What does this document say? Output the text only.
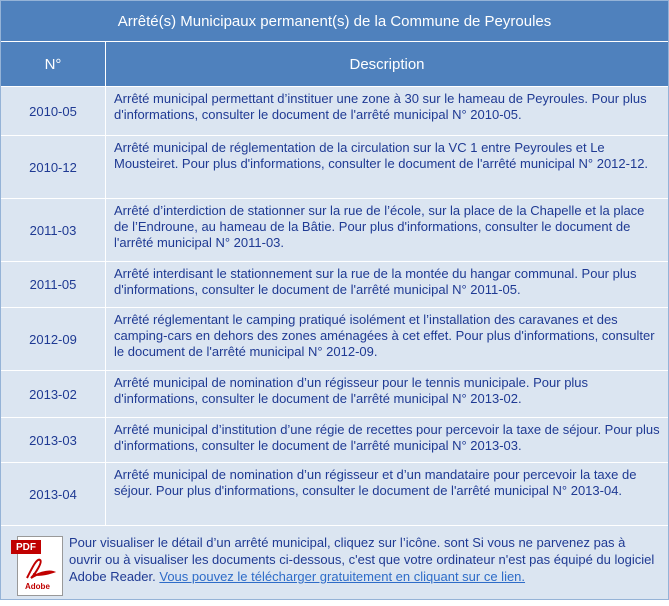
Arrêté(s) Municipaux permanent(s) de la Commune de Peyroules
N°	Description
2010-05
Arrêté municipal permettant d’instituer une zone à 30 sur le hameau de Peyroules. Pour plus d'informations, consulter le document de l'arrêté municipal N° 2010-05.
2010-12
Arrêté municipal de réglementation de la circulation sur la VC 1 entre Peyroules et Le Mousteiret. Pour plus d'informations, consulter le document de l'arrêté municipal N° 2012-12.
2011-03
Arrêté d’interdiction de stationner sur la rue de l’école, sur la place de la Chapelle et la place de l’Endroune, au hameau de la Bâtie. Pour plus d'informations, consulter le document de l'arrêté municipal N° 2011-03.
2011-05
Arrêté interdisant le stationnement sur la rue de la montée du hangar communal. Pour plus d'informations, consulter le document de l'arrêté municipal N° 2011-05.
2012-09
Arrêté réglementant le camping pratiqué isolément et l’installation des caravanes et des camping-cars en dehors des zones aménagées à cet effet. Pour plus d'informations, consulter le document de l'arrêté municipal N° 2012-09.
2013-02
Arrêté municipal de nomination d’un régisseur pour le tennis municipale. Pour plus d'informations, consulter le document de l'arrêté municipal N° 2013-02.
2013-03
Arrêté municipal d’institution d’une régie de recettes pour percevoir la taxe de séjour. Pour plus d'informations, consulter le document de l'arrêté municipal N° 2013-03.
2013-04
Arrêté municipal de nomination d’un régisseur et d’un mandataire pour percevoir la taxe de séjour. Pour plus d'informations, consulter le document de l'arrêté municipal N° 2013-04.
PDF
Adobe
Pour visualiser le détail d’un arrêté municipal, cliquez sur l’icône. sont Si vous ne parvenez pas à ouvrir ou à visualiser les documents ci-dessous, c'est que votre ordinateur n'est pas équipé du logiciel Adobe Reader. Vous pouvez le télécharger gratuitement en cliquant sur ce lien.
